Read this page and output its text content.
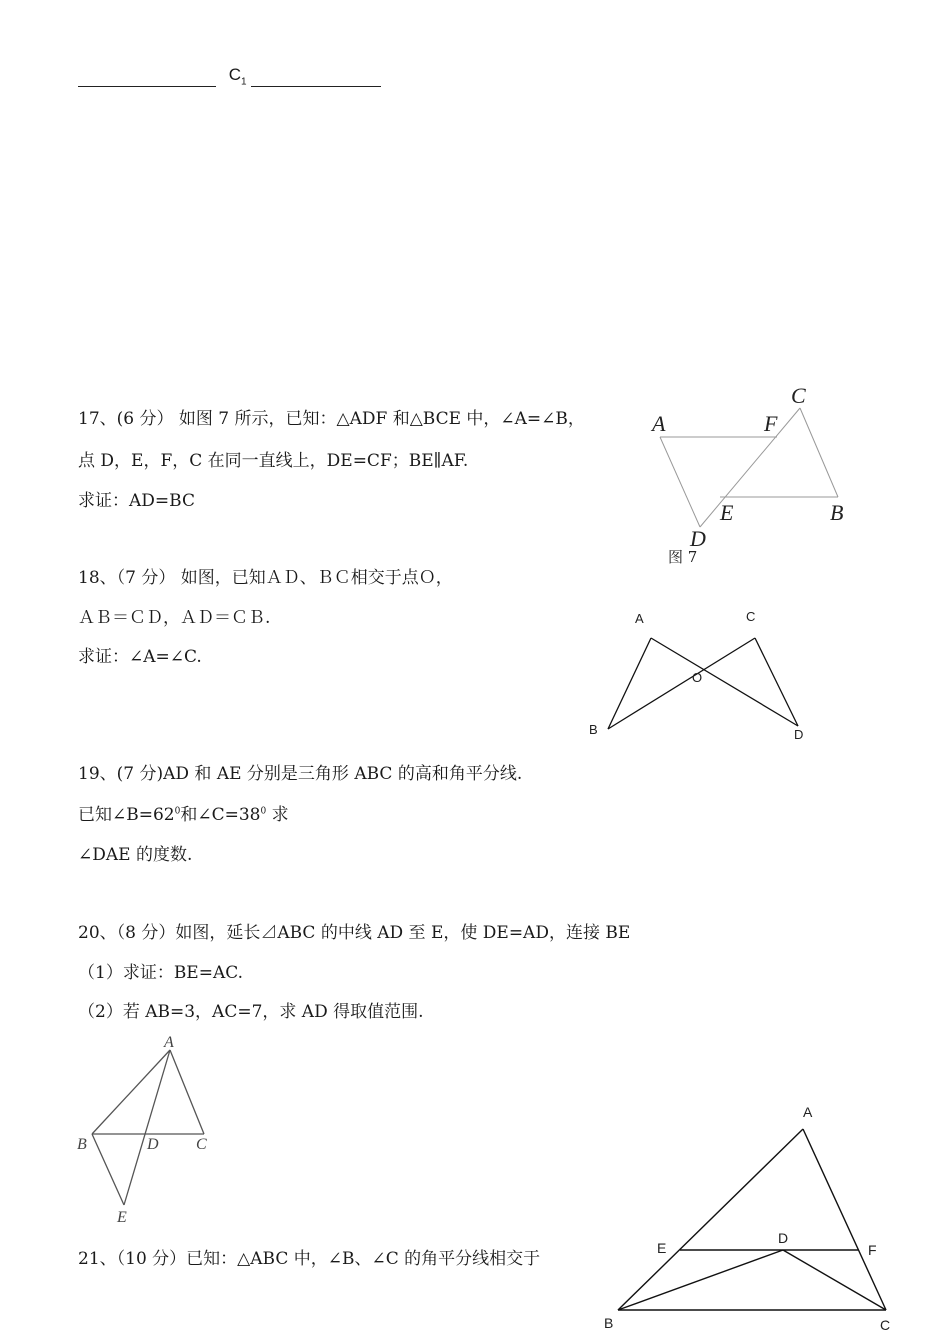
$C_1$
17、(6 分） 如图 7 所示，已知：△ADF 和△BCE 中，∠A=∠B，
点 D，E，F，C 在同一直线上，DE=CF；BE∥AF.
求证：AD=BC
18、（7 分） 如图，已知ＡＤ、ＢＣ相交于点Ｏ，
ＡＢ＝ＣＤ，ＡＤ＝ＣＢ.
求证：∠A=∠C.
19、(7 分)AD 和 AE 分别是三角形 ABC 的高和角平分线.
已知$\angle B=62^0$和$\angle C=38^0$ 求
∠DAE 的度数.
20、（8 分）如图，延长⊿ABC 的中线 AD 至 E，使 DE=AD，连接 BE
（1）求证：BE=AC.
（2）若 AB=3，AC=7，求 AD 得取值范围.
21、（10 分）已知：△ABC 中，∠B、∠C 的角平分线相交于
A	F
C
E	B
D
图 7
A	C
O
B	D
A
B	D C
E
A
E
D
F
B	C
